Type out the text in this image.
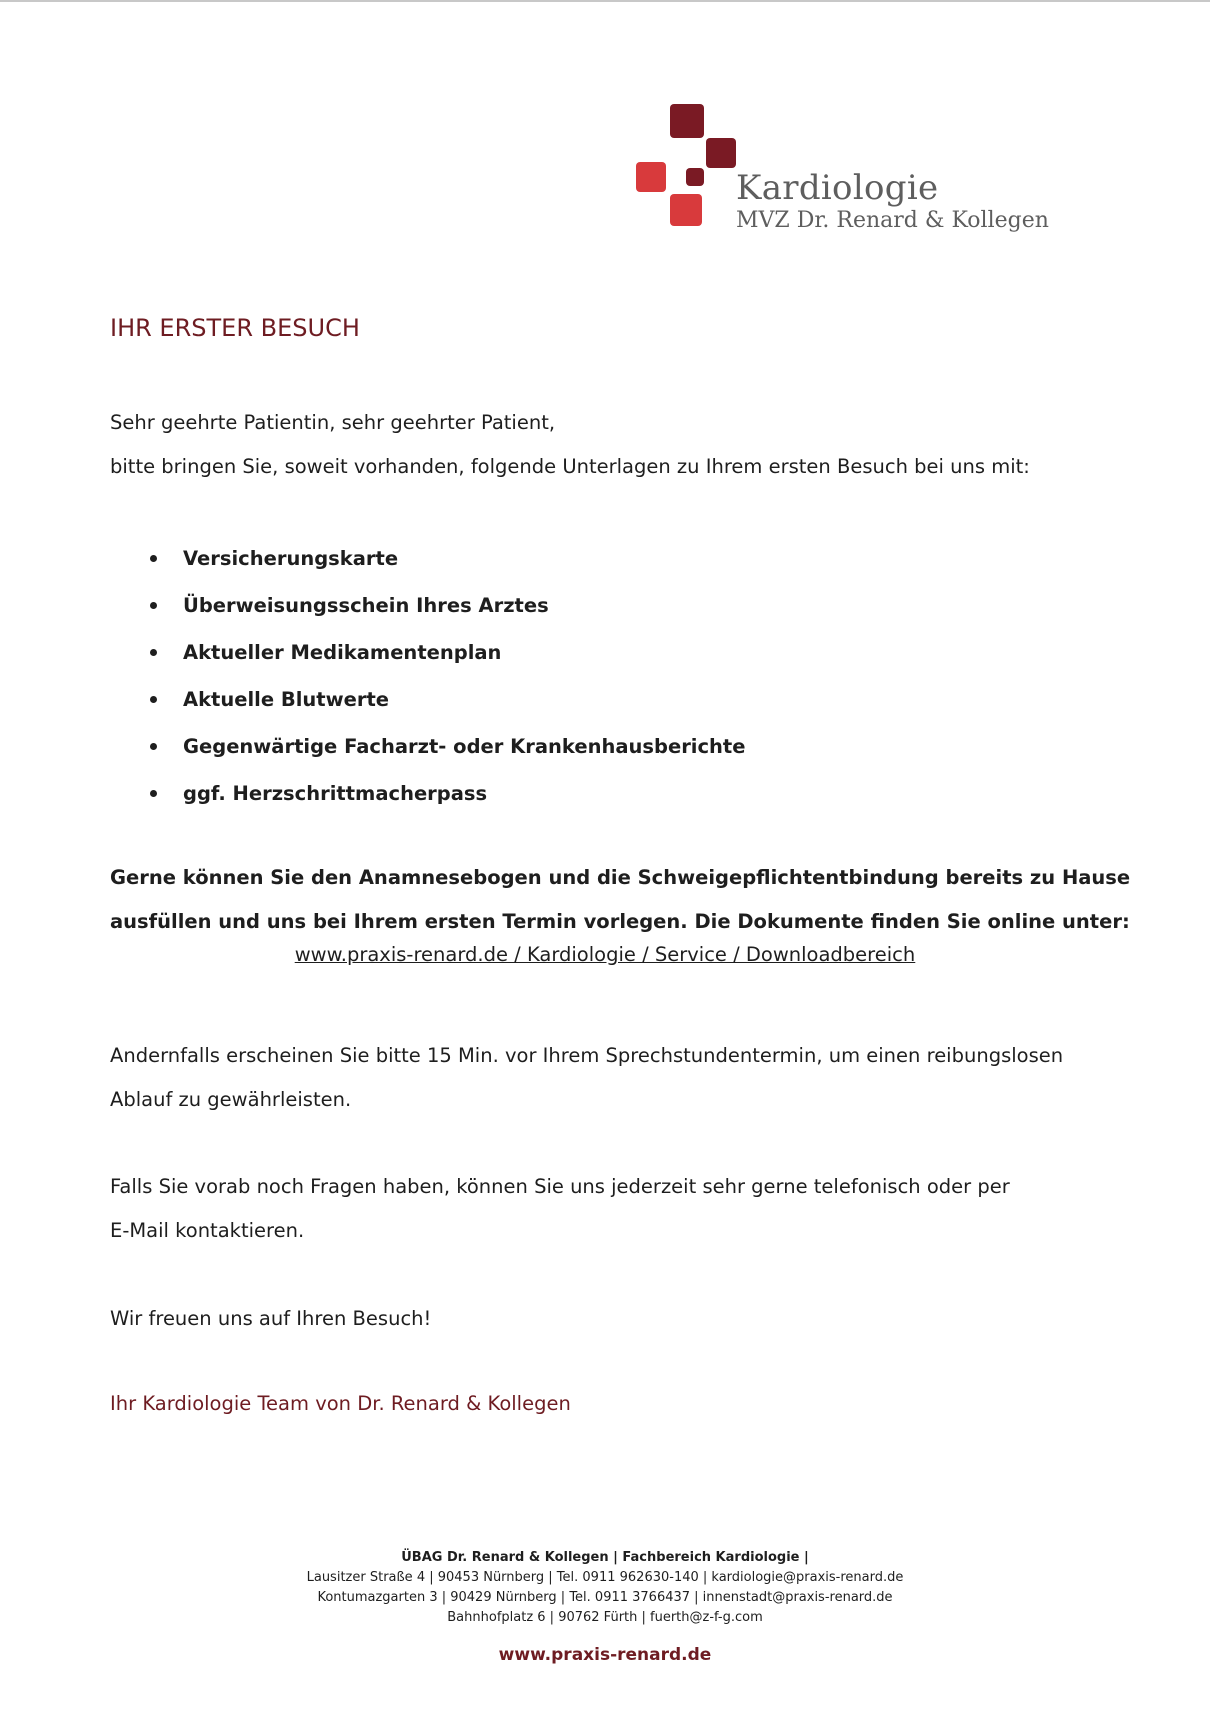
Kardiologie
MVZ Dr. Renard & Kollegen
IHR ERSTER BESUCH
Sehr geehrte Patientin, sehr geehrter Patient,
bitte bringen Sie, soweit vorhanden, folgende Unterlagen zu Ihrem ersten Besuch bei uns mit:
Versicherungskarte
Überweisungsschein Ihres Arztes
Aktueller Medikamentenplan
Aktuelle Blutwerte
Gegenwärtige Facharzt- oder Krankenhausberichte
ggf. Herzschrittmacherpass
Gerne können Sie den Anamnesebogen und die Schweigepflichtentbindung bereits zu Hause
ausfüllen und uns bei Ihrem ersten Termin vorlegen. Die Dokumente finden Sie online unter:
www.praxis-renard.de / Kardiologie / Service / Downloadbereich
Andernfalls erscheinen Sie bitte 15 Min. vor Ihrem Sprechstundentermin, um einen reibungslosen
Ablauf zu gewährleisten.
Falls Sie vorab noch Fragen haben, können Sie uns jederzeit sehr gerne telefonisch oder per
E-Mail kontaktieren.
Wir freuen uns auf Ihren Besuch!
Ihr Kardiologie Team von Dr. Renard & Kollegen
ÜBAG Dr. Renard & Kollegen | Fachbereich Kardiologie |
Lausitzer Straße 4 | 90453 Nürnberg | Tel. 0911 962630-140 | kardiologie@praxis-renard.de
Kontumazgarten 3 | 90429 Nürnberg | Tel. 0911 3766437 | innenstadt@praxis-renard.de
Bahnhofplatz 6 | 90762 Fürth | fuerth@z-f-g.com
www.praxis-renard.de
